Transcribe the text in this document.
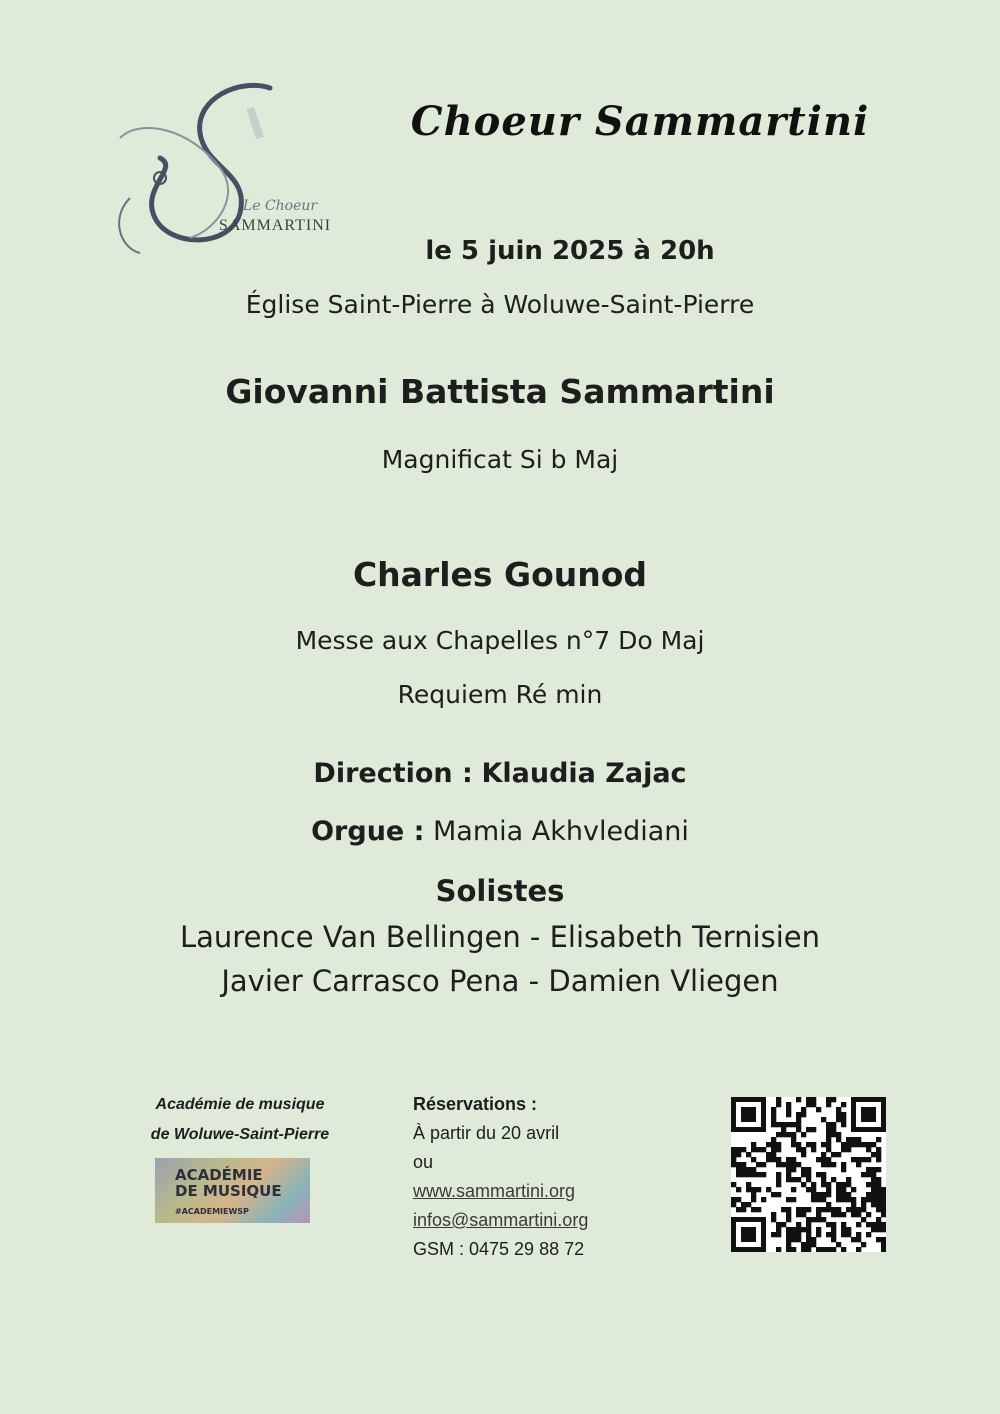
Le Choeur
SAMMARTINI
Choeur Sammartini
le 5 juin 2025 à 20h
Église Saint-Pierre à Woluwe-Saint-Pierre
Giovanni Battista Sammartini
Magnificat Si b Maj
Charles Gounod
Messe aux Chapelles n°7 Do Maj
Requiem Ré min
Direction : Klaudia Zajac
Orgue : Mamia Akhvlediani
Solistes
Laurence Van Bellingen - Elisabeth Ternisien
Javier Carrasco Pena - Damien Vliegen
Académie de musique
de Woluwe-Saint-Pierre
ACADÉMIE
DE MUSIQUE
#ACADEMIEWSP
Réservations :
À partir du 20 avril
ou
www.sammartini.org
infos@sammartini.org
GSM : 0475 29 88 72
